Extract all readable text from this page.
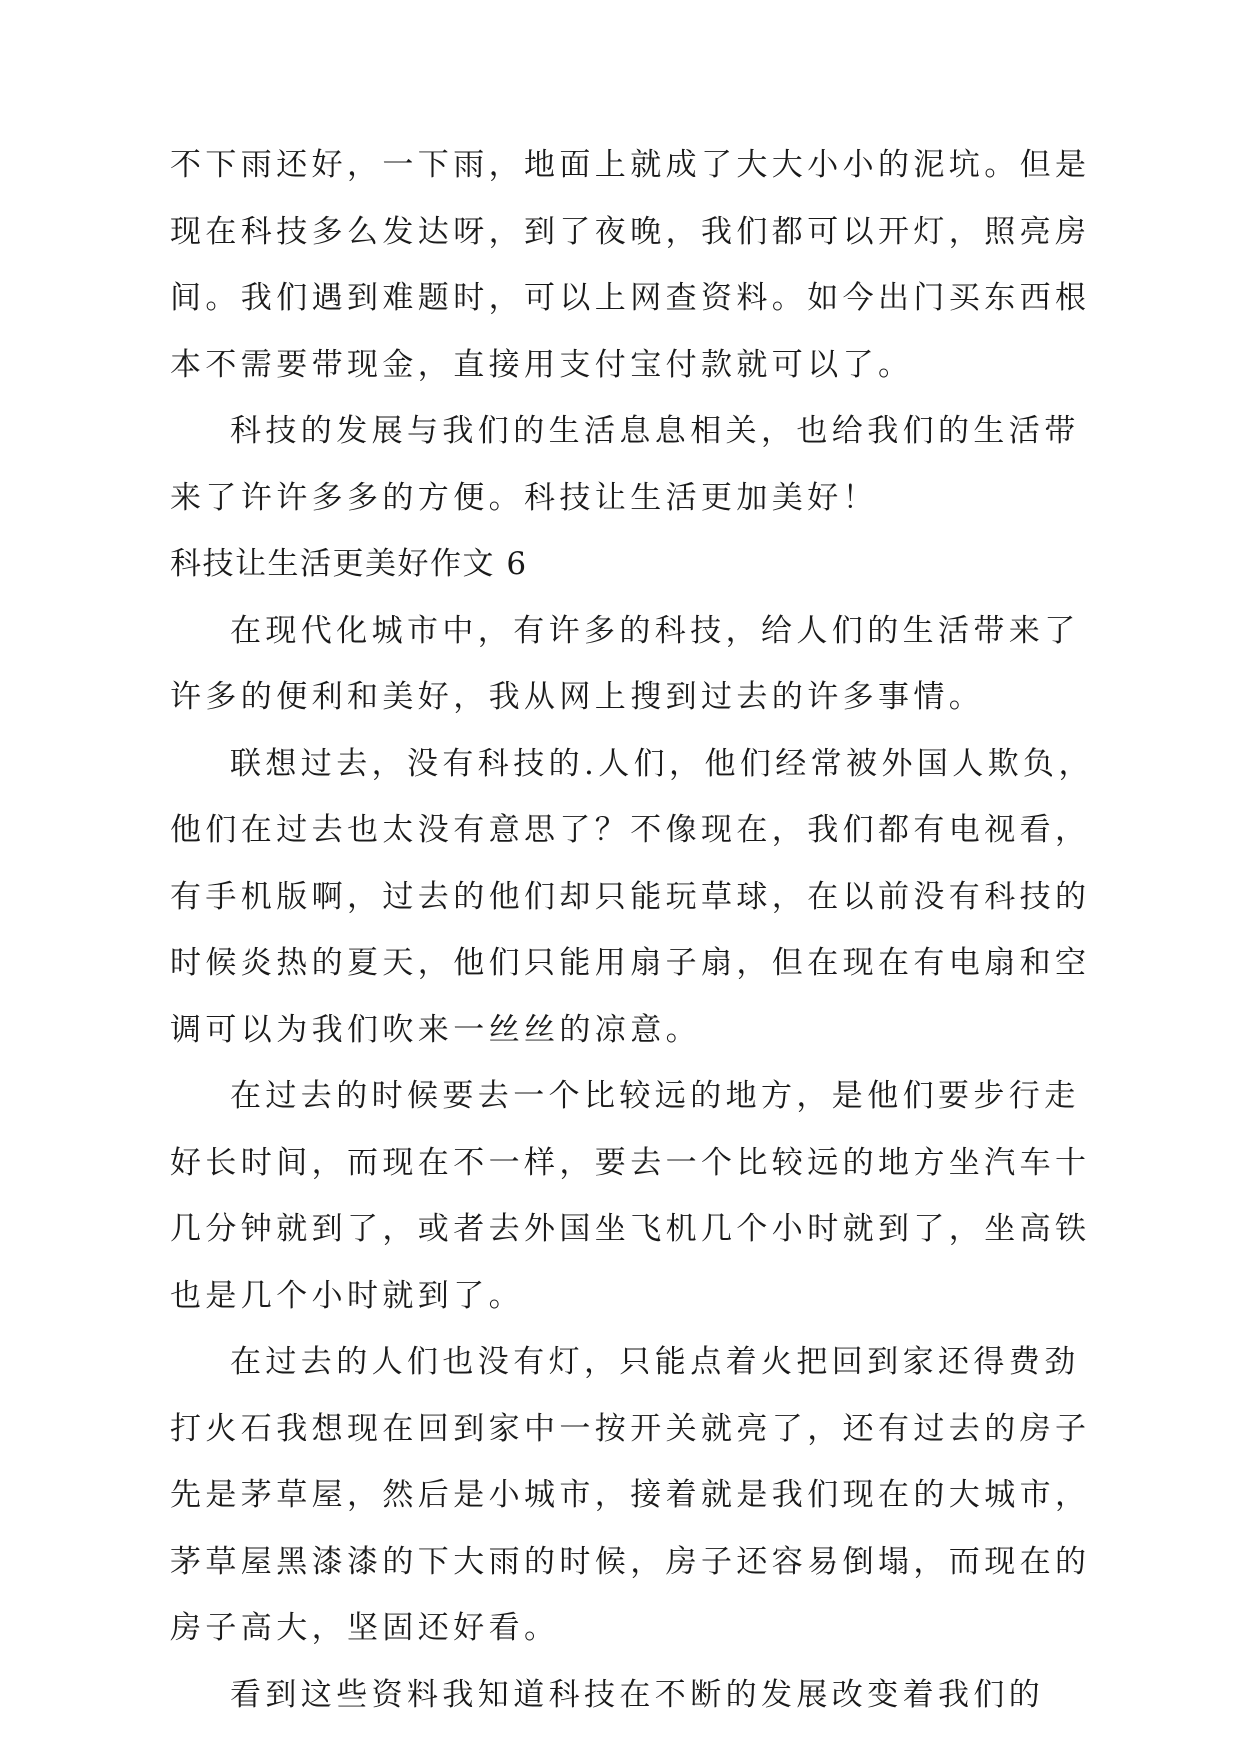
不下雨还好，一下雨，地面上就成了大大小小的泥坑。但是
现在科技多么发达呀，到了夜晚，我们都可以开灯，照亮房
间。我们遇到难题时，可以上网查资料。如今出门买东西根
本不需要带现金，直接用支付宝付款就可以了。
科技的发展与我们的生活息息相关，也给我们的生活带
来了许许多多的方便。科技让生活更加美好！
科技让生活更美好作文 6
在现代化城市中，有许多的科技，给人们的生活带来了
许多的便利和美好，我从网上搜到过去的许多事情。
联想过去，没有科技的.人们，他们经常被外国人欺负，
他们在过去也太没有意思了？不像现在，我们都有电视看，
有手机版啊，过去的他们却只能玩草球，在以前没有科技的
时候炎热的夏天，他们只能用扇子扇，但在现在有电扇和空
调可以为我们吹来一丝丝的凉意。
在过去的时候要去一个比较远的地方，是他们要步行走
好长时间，而现在不一样，要去一个比较远的地方坐汽车十
几分钟就到了，或者去外国坐飞机几个小时就到了，坐高铁
也是几个小时就到了。
在过去的人们也没有灯，只能点着火把回到家还得费劲
打火石我想现在回到家中一按开关就亮了，还有过去的房子
先是茅草屋，然后是小城市，接着就是我们现在的大城市，
茅草屋黑漆漆的下大雨的时候，房子还容易倒塌，而现在的
房子高大，坚固还好看。
看到这些资料我知道科技在不断的发展改变着我们的
